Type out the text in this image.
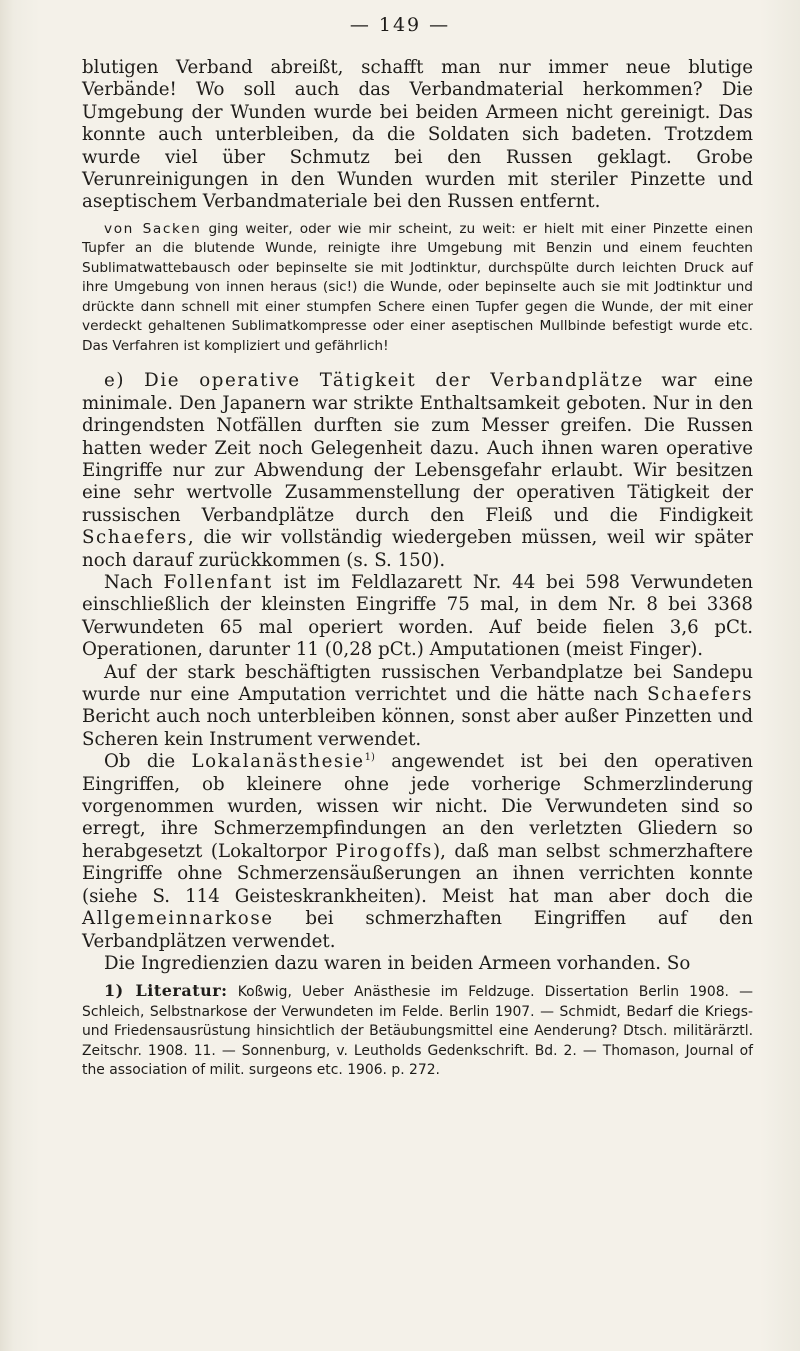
— 149 —

blutigen Verband abreißt, schafft man nur immer neue blutige Verbände! Wo soll auch das Verbandmaterial herkommen? Die Umgebung der Wunden wurde bei beiden Armeen nicht gereinigt. Das konnte auch unterbleiben, da die Soldaten sich badeten. Trotzdem wurde viel über Schmutz bei den Russen geklagt. Grobe Verunreinigungen in den Wunden wurden mit steriler Pinzette und aseptischem Verbandmateriale bei den Russen entfernt.

von Sacken ging weiter, oder wie mir scheint, zu weit: er hielt mit einer Pinzette einen Tupfer an die blutende Wunde, reinigte ihre Umgebung mit Benzin und einem feuchten Sublimatwattebausch oder bepinselte sie mit Jodtinktur, durchspülte durch leichten Druck auf ihre Umgebung von innen heraus (sic!) die Wunde, oder bepinselte auch sie mit Jodtinktur und drückte dann schnell mit einer stumpfen Schere einen Tupfer gegen die Wunde, der mit einer verdeckt gehaltenen Sublimatkompresse oder einer aseptischen Mullbinde befestigt wurde etc. Das Verfahren ist kompliziert und gefährlich!

e) Die operative Tätigkeit der Verbandplätze war eine minimale. Den Japanern war strikte Enthaltsamkeit geboten. Nur in den dringendsten Notfällen durften sie zum Messer greifen. Die Russen hatten weder Zeit noch Gelegenheit dazu. Auch ihnen waren operative Eingriffe nur zur Abwendung der Lebensgefahr erlaubt. Wir besitzen eine sehr wertvolle Zusammenstellung der operativen Tätigkeit der russischen Verbandplätze durch den Fleiß und die Findigkeit Schaefers, die wir vollständig wiedergeben müssen, weil wir später noch darauf zurückkommen (s. S. 150).

Nach Follenfant ist im Feldlazarett Nr. 44 bei 598 Verwundeten einschließlich der kleinsten Eingriffe 75 mal, in dem Nr. 8 bei 3368 Verwundeten 65 mal operiert worden. Auf beide fielen 3,6 pCt. Operationen, darunter 11 (0,28 pCt.) Amputationen (meist Finger).

Auf der stark beschäftigten russischen Verbandplatze bei Sandepu wurde nur eine Amputation verrichtet und die hätte nach Schaefers Bericht auch noch unterbleiben können, sonst aber außer Pinzetten und Scheren kein Instrument verwendet.

Ob die Lokalanästhesie$^{1)}$ angewendet ist bei den operativen Eingriffen, ob kleinere ohne jede vorherige Schmerzlinderung vorgenommen wurden, wissen wir nicht. Die Verwundeten sind so erregt, ihre Schmerzempfindungen an den verletzten Gliedern so herabgesetzt (Lokaltorpor Pirogoffs), daß man selbst schmerzhaftere Eingriffe ohne Schmerzensäußerungen an ihnen verrichten konnte (siehe S. 114 Geisteskrankheiten). Meist hat man aber doch die Allgemeinnarkose bei schmerzhaften Eingriffen auf den Verbandplätzen verwendet.

Die Ingredienzien dazu waren in beiden Armeen vorhanden. So

1) Literatur: Koßwig, Ueber Anästhesie im Feldzuge. Dissertation Berlin 1908. — Schleich, Selbstnarkose der Verwundeten im Felde. Berlin 1907. — Schmidt, Bedarf die Kriegs- und Friedensausrüstung hinsichtlich der Betäubungsmittel eine Aenderung? Dtsch. militärärztl. Zeitschr. 1908. 11. — Sonnenburg, v. Leutholds Gedenkschrift. Bd. 2. — Thomason, Journal of the association of milit. surgeons etc. 1906. p. 272.
